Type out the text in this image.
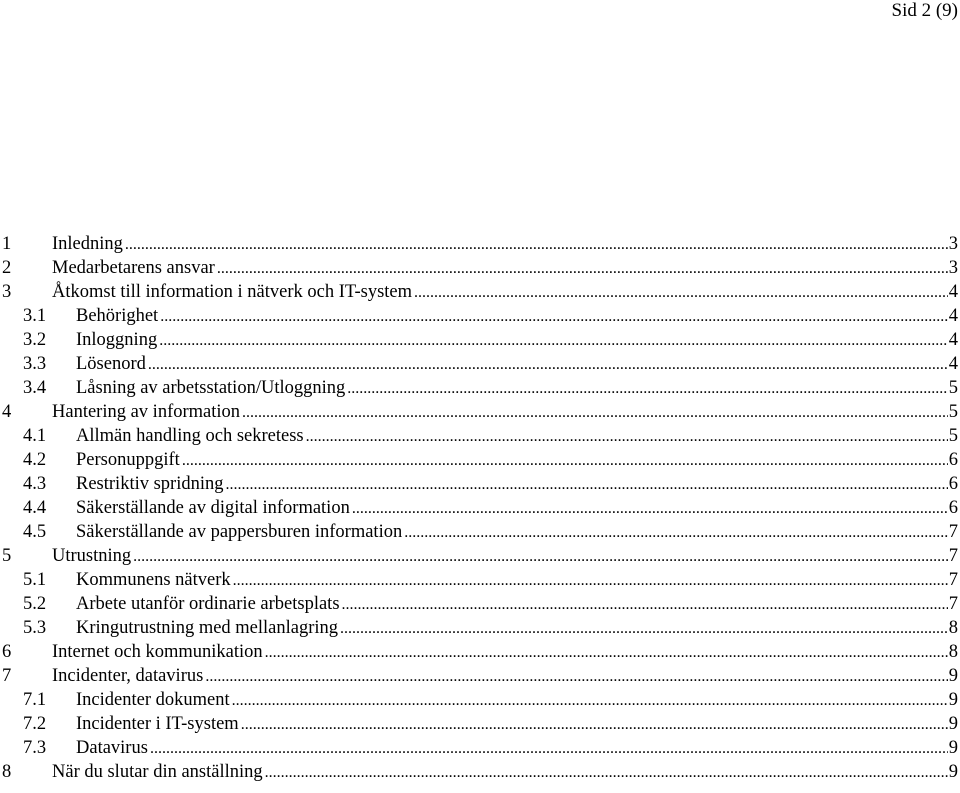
Sid 2 (9)
1	Inledning .....	3
2	Medarbetarens ansvar .....	3
3	Åtkomst till information i nätverk och IT-system .....	4
3.1	Behörighet .....	4
3.2	Inloggning .....	4
3.3	Lösenord .....	4
3.4	Låsning av arbetsstation/Utloggning .....	5
4	Hantering av information .....	5
4.1	Allmän handling och sekretess .....	5
4.2	Personuppgift .....	6
4.3	Restriktiv spridning .....	6
4.4	Säkerställande av digital information .....	6
4.5	Säkerställande av pappersburen information .....	7
5	Utrustning .....	7
5.1	Kommunens nätverk .....	7
5.2	Arbete utanför ordinarie arbetsplats .....	7
5.3	Kringutrustning med mellanlagring .....	8
6	Internet och kommunikation .....	8
7	Incidenter, datavirus .....	9
7.1	Incidenter dokument .....	9
7.2	Incidenter i IT-system .....	9
7.3	Datavirus .....	9
8	När du slutar din anställning .....	9
